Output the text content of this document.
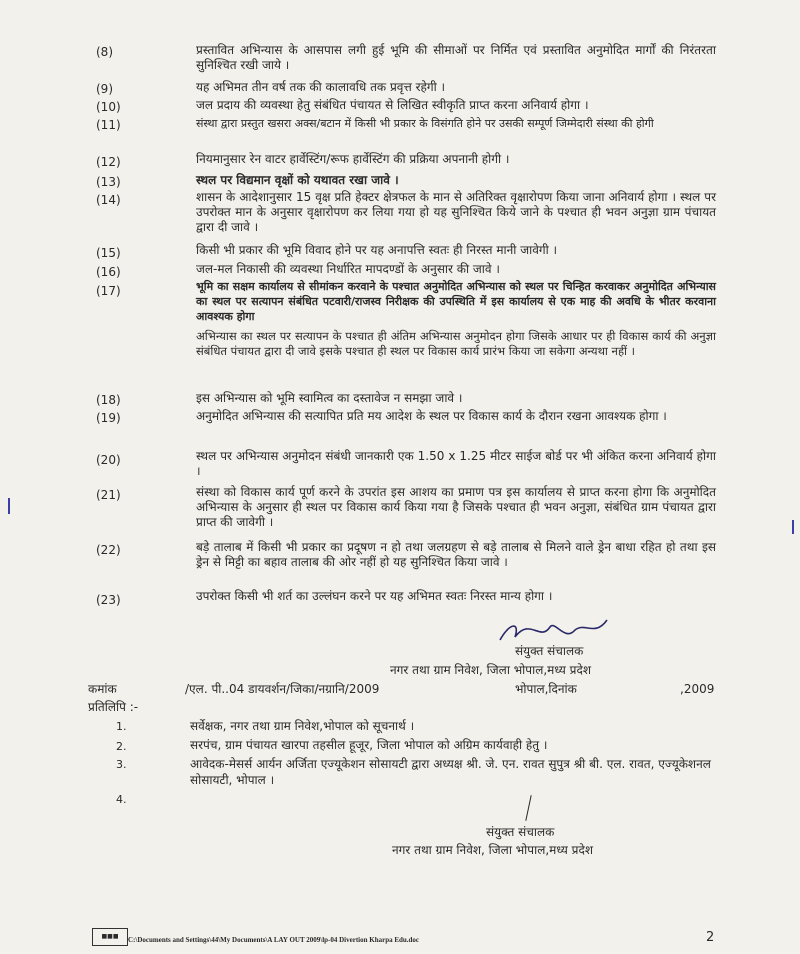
(8)	प्रस्तावित अभिन्यास के आसपास लगी हुई भूमि की सीमाओं पर निर्मित एवं प्रस्तावित अनुमोदित मार्गों की निरंतरता सुनिश्चित रखी जाये ।
(9)	यह अभिमत तीन वर्ष तक की कालावधि तक प्रवृत्त रहेगी ।
(10)	जल प्रदाय की व्यवस्था हेतु संबंधित पंचायत से लिखित स्वीकृति प्राप्त करना अनिवार्य होगा ।
(11)	संस्था द्वारा प्रस्तुत खसरा अक्स/बटान में किसी भी प्रकार के विसंगति होने पर उसकी सम्पूर्ण जिम्मेदारी संस्था की होगी
(12)	नियमानुसार रेन वाटर हार्वेस्टिंग/रूफ हार्वेस्टिंग की प्रक्रिया अपनानी होगी ।
(13)	स्थल पर विद्यमान वृक्षों को यथावत रखा जावे ।
(14)	शासन के आदेशानुसार 15 वृक्ष प्रति हेक्टर क्षेत्रफल के मान से अतिरिक्त वृक्षारोपण किया जाना अनिवार्य होगा । स्थल पर उपरोक्त मान के अनुसार वृक्षारोपण कर लिया गया हो यह सुनिश्चित किये जाने के पश्चात ही भवन अनुज्ञा ग्राम पंचायत द्वारा दी जावे ।
(15)	किसी भी प्रकार की भूमि विवाद होने पर यह अनापत्ति स्वतः ही निरस्त मानी जावेगी ।
(16)	जल-मल निकासी की व्यवस्था निर्धारित मापदण्डों के अनुसार की जावे ।
(17)	भूमि का सक्षम कार्यालय से सीमांकन करवाने के पश्चात अनुमोदित अभिन्यास को स्थल पर चिन्हित करवाकर अनुमोदित अभिन्यास का स्थल पर सत्यापन संबंधित पटवारी/राजस्व निरीक्षक की उपस्थिति में इस कार्यालय से एक माह की अवधि के भीतर करवाना आवश्यक होगा
अभिन्यास का स्थल पर सत्यापन के पश्चात ही अंतिम अभिन्यास अनुमोदन होगा जिसके आधार पर ही विकास कार्य की अनुज्ञा संबंधित पंचायत द्वारा दी जावे इसके पश्चात ही स्थल पर विकास कार्य प्रारंभ किया जा सकेगा अन्यथा नहीं ।
(18)	इस अभिन्यास को भूमि स्वामित्व का दस्तावेज न समझा जावे ।
(19)	अनुमोदित अभिन्यास की सत्यापित प्रति मय आदेश के स्थल पर विकास कार्य के दौरान रखना आवश्यक होगा ।
(20)	स्थल पर अभिन्यास अनुमोदन संबंधी जानकारी एक 1.50 x 1.25 मीटर साईज बोर्ड पर भी अंकित करना अनिवार्य होगा ।
(21)	संस्था को विकास कार्य पूर्ण करने के उपरांत इस आशय का प्रमाण पत्र इस कार्यालय से प्राप्त करना होगा कि अनुमोदित अभिन्यास के अनुसार ही स्थल पर विकास कार्य किया गया है जिसके पश्चात ही भवन अनुज्ञा, संबंधित ग्राम पंचायत द्वारा प्राप्त की जावेगी ।
(22)	बड़े तालाब में किसी भी प्रकार का प्रदूषण न हो तथा जलग्रहण से बड़े तालाब से मिलने वाले ड्रेन बाधा रहित हो तथा इस ड्रेन से मिट्टी का बहाव तालाब की ओर नहीं हो यह सुनिश्चित किया जावे ।
(23)	उपरोक्त किसी भी शर्त का उल्लंघन करने पर यह अभिमत स्वतः निरस्त मान्य होगा ।
संयुक्त संचालक
नगर तथा ग्राम निवेश, जिला भोपाल,मध्य प्रदेश
कमांक	/एल. पी..04 डायवर्शन/जिका/नग्रानि/2009	भोपाल,दिनांक	,2009
प्रतिलिपि :-
1.	सर्वेक्षक, नगर तथा ग्राम निवेश,भोपाल को सूचनार्थ ।
2.	सरपंच, ग्राम पंचायत खारपा तहसील हूजूर, जिला भोपाल को अग्रिम कार्यवाही हेतु ।
3.	आवेदक-मेसर्स आर्यन अर्जिता एज्यूकेशन सोसायटी द्वारा अध्यक्ष श्री. जे. एन. रावत सुपुत्र श्री बी. एल. रावत, एज्यूकेशनल सोसायटी, भोपाल ।
4.
संयुक्त संचालक
नगर तथा ग्राम निवेश, जिला भोपाल,मध्य प्रदेश
■■■	C:\Documents and Settings\44\My Documents\A LAY OUT 2009\lp-04 Divertion Kharpa Edu.doc	2
